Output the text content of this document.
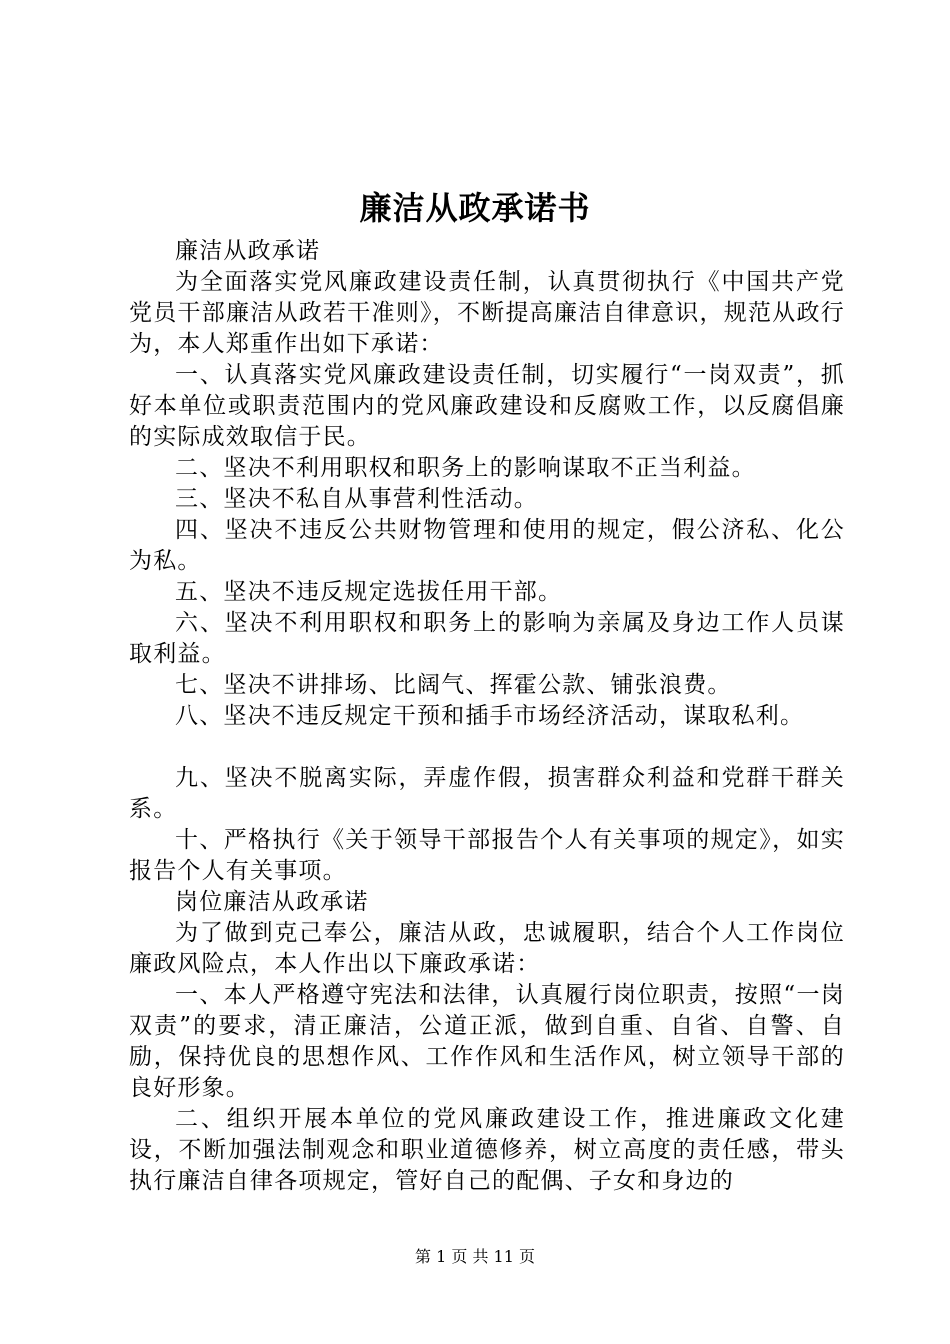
廉洁从政承诺书

廉洁从政承诺

为全面落实党风廉政建设责任制，认真贯彻执行《中国共产党党员干部廉洁从政若干准则》，不断提高廉洁自律意识，规范从政行为，本人郑重作出如下承诺：

一、认真落实党风廉政建设责任制，切实履行“一岗双责”，抓好本单位或职责范围内的党风廉政建设和反腐败工作，以反腐倡廉的实际成效取信于民。

二、坚决不利用职权和职务上的影响谋取不正当利益。

三、坚决不私自从事营利性活动。

四、坚决不违反公共财物管理和使用的规定，假公济私、化公为私。

五、坚决不违反规定选拔任用干部。

六、坚决不利用职权和职务上的影响为亲属及身边工作人员谋取利益。

七、坚决不讲排场、比阔气、挥霍公款、铺张浪费。

八、坚决不违反规定干预和插手市场经济活动，谋取私利。

九、坚决不脱离实际，弄虚作假，损害群众利益和党群干群关系。

十、严格执行《关于领导干部报告个人有关事项的规定》，如实报告个人有关事项。

岗位廉洁从政承诺

为了做到克己奉公，廉洁从政，忠诚履职，结合个人工作岗位廉政风险点，本人作出以下廉政承诺：

一、本人严格遵守宪法和法律，认真履行岗位职责，按照“一岗双责”的要求，清正廉洁，公道正派，做到自重、自省、自警、自励，保持优良的思想作风、工作作风和生活作风，树立领导干部的良好形象。

二、组织开展本单位的党风廉政建设工作，推进廉政文化建设，不断加强法制观念和职业道德修养，树立高度的责任感，带头执行廉洁自律各项规定，管好自己的配偶、子女和身边的

第 1 页 共 11 页
